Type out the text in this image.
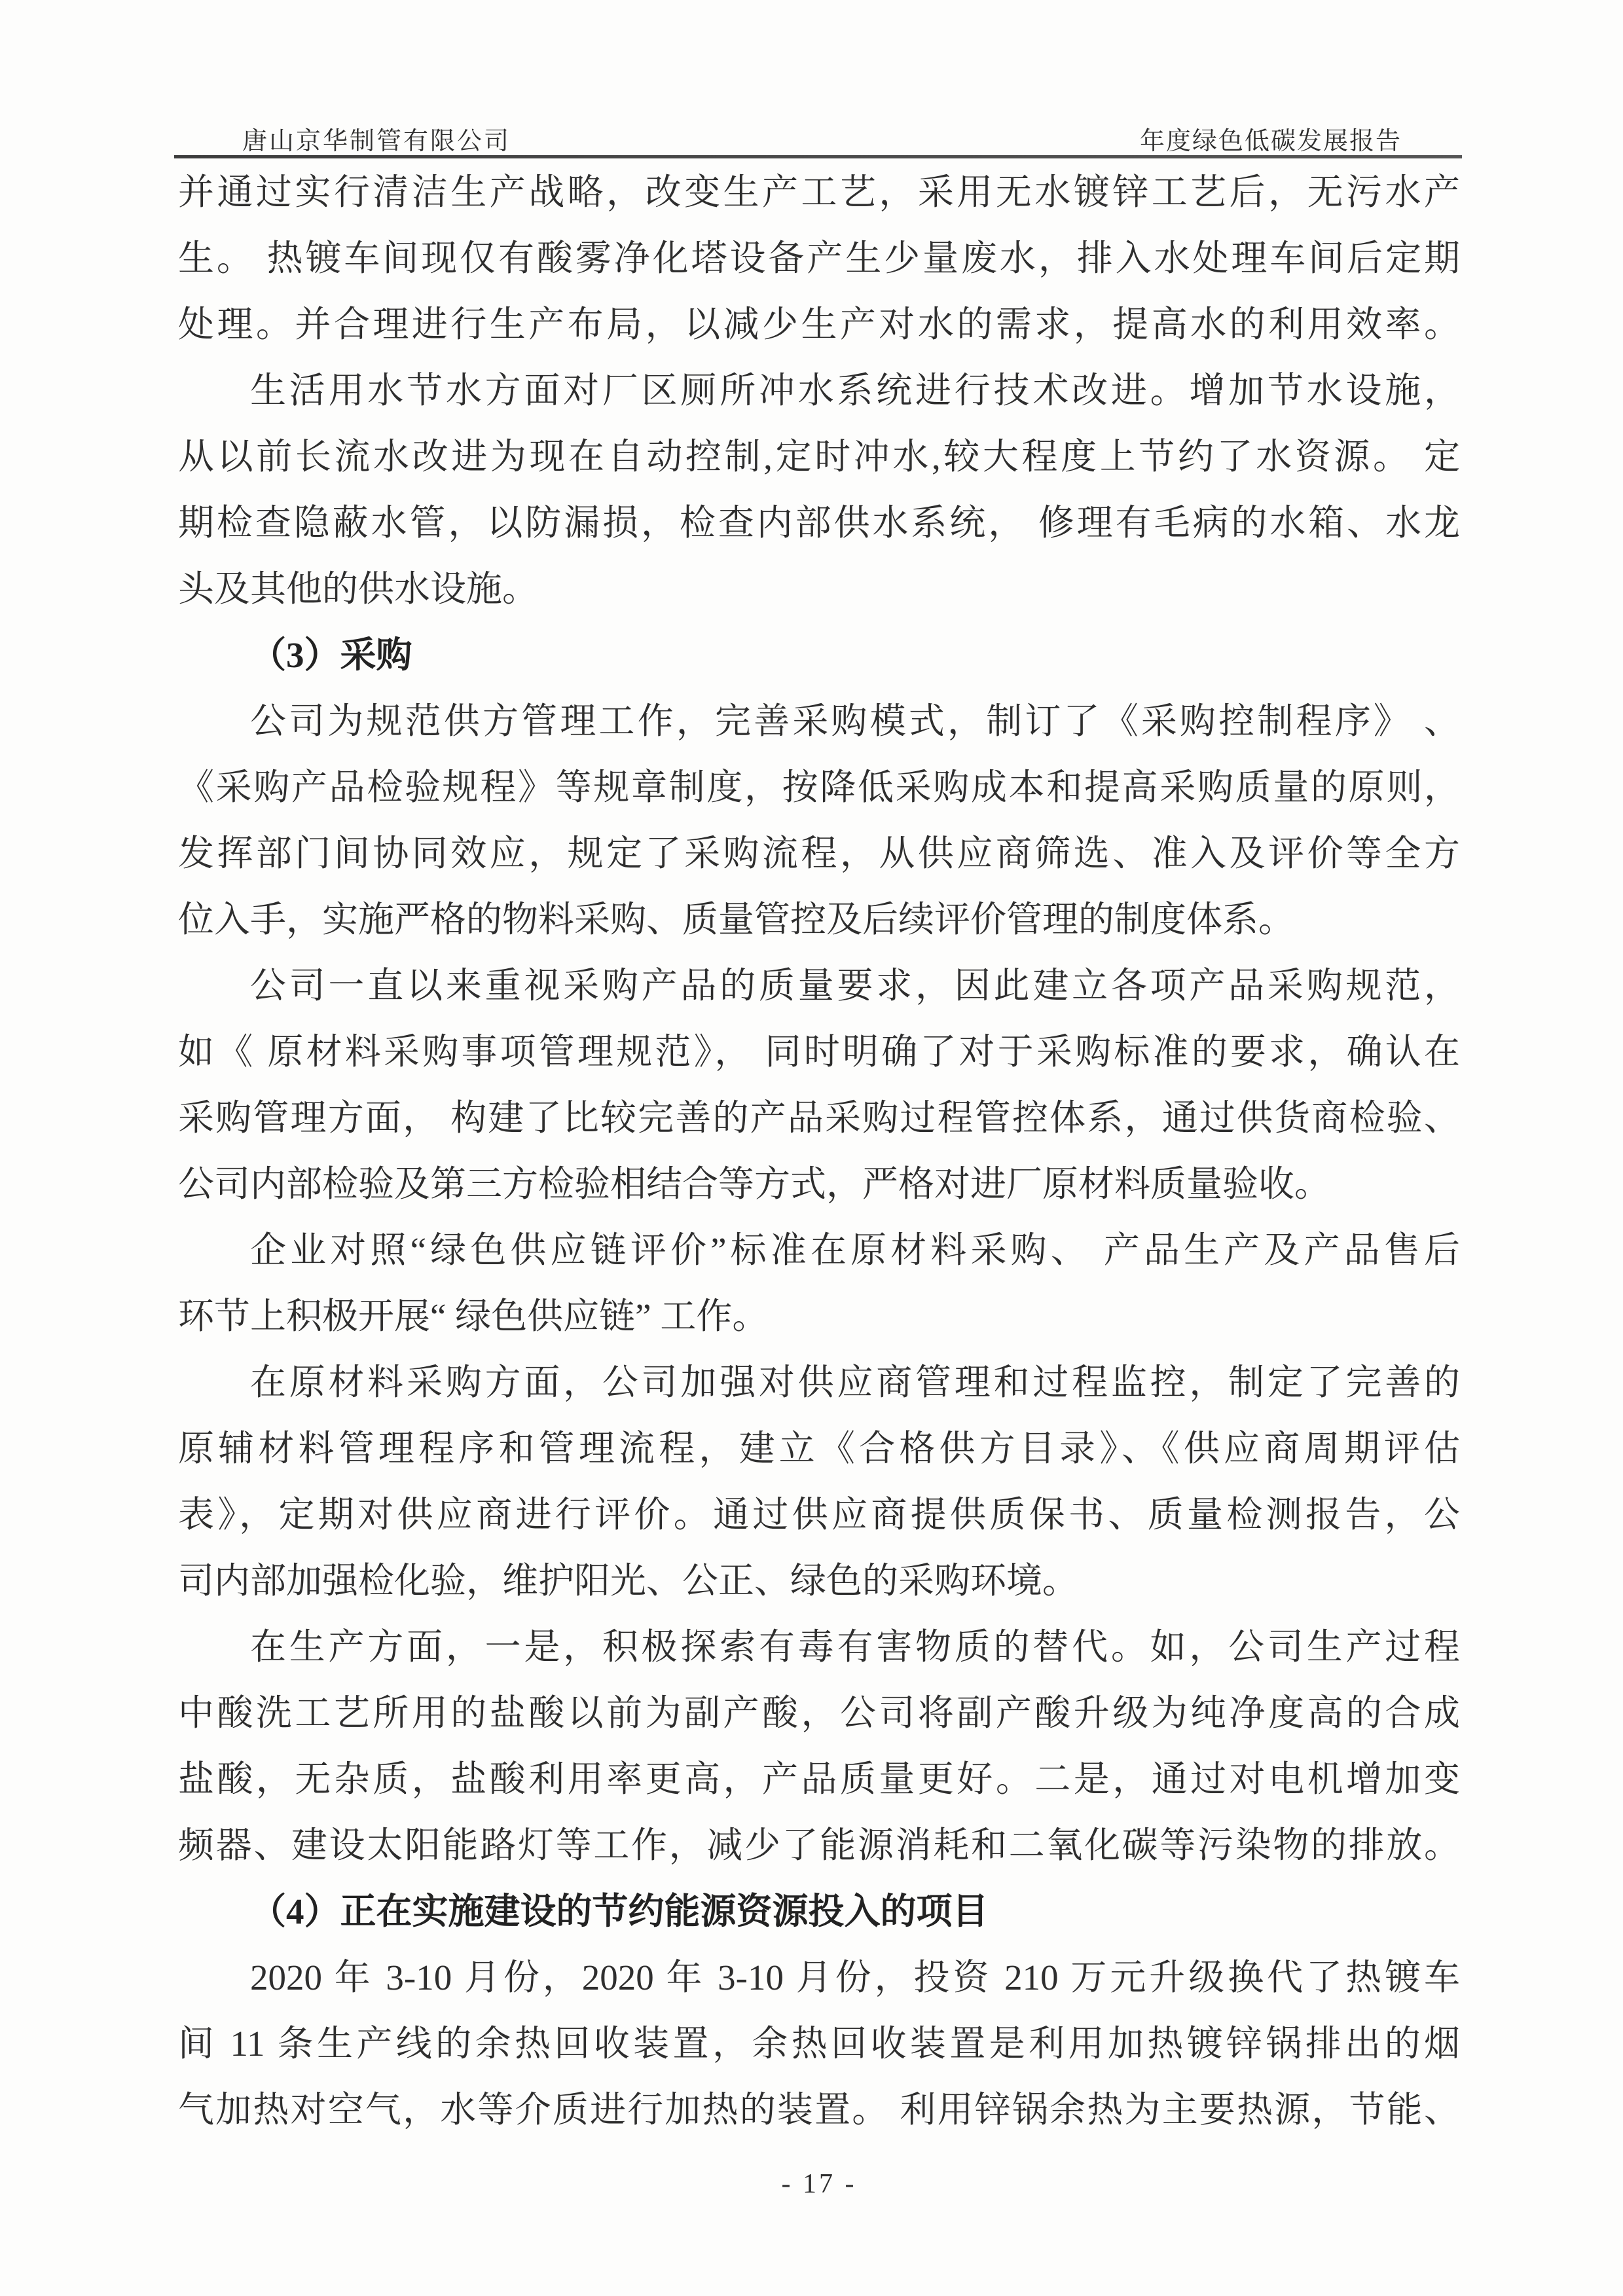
唐山京华制管有限公司	年度绿色低碳发展报告
并通过实行清洁生产战略，改变生产工艺，采用无水镀锌工艺后，无污水产
生。 热镀车间现仅有酸雾净化塔设备产生少量废水，排入水处理车间后定期
处理。并合理进行生产布局，以减少生产对水的需求，提高水的利用效率。
生活用水节水方面对厂区厕所冲水系统进行技术改进。增加节水设施，
从以前长流水改进为现在自动控制,定时冲水,较大程度上节约了水资源。 定
期检查隐蔽水管，以防漏损，检查内部供水系统， 修理有毛病的水箱、水龙
头及其他的供水设施。
（3）采购
公司为规范供方管理工作，完善采购模式，制订了《采购控制程序》 、
《采购产品检验规程》等规章制度，按降低采购成本和提高采购质量的原则，
发挥部门间协同效应，规定了采购流程，从供应商筛选、准入及评价等全方
位入手，实施严格的物料采购、质量管控及后续评价管理的制度体系。
公司一直以来重视采购产品的质量要求，因此建立各项产品采购规范，
如《 原材料采购事项管理规范》， 同时明确了对于采购标准的要求，确认在
采购管理方面， 构建了比较完善的产品采购过程管控体系，通过供货商检验、
公司内部检验及第三方检验相结合等方式，严格对进厂原材料质量验收。
企业对照“绿色供应链评价”标准在原材料采购、 产品生产及产品售后
环节上积极开展“ 绿色供应链” 工作。
在原材料采购方面，公司加强对供应商管理和过程监控，制定了完善的
原辅材料管理程序和管理流程，建立《合格供方目录》、《供应商周期评估
表》，定期对供应商进行评价。通过供应商提供质保书、质量检测报告，公
司内部加强检化验，维护阳光、公正、绿色的采购环境。
在生产方面，一是，积极探索有毒有害物质的替代。如，公司生产过程
中酸洗工艺所用的盐酸以前为副产酸，公司将副产酸升级为纯净度高的合成
盐酸，无杂质，盐酸利用率更高，产品质量更好。二是，通过对电机增加变
频器、建设太阳能路灯等工作，减少了能源消耗和二氧化碳等污染物的排放。
（4）正在实施建设的节约能源资源投入的项目
2020 年 3-10 月份，2020 年 3-10 月份，投资 210 万元升级换代了热镀车
间 11 条生产线的余热回收装置，余热回收装置是利用加热镀锌锅排出的烟
气加热对空气，水等介质进行加热的装置。 利用锌锅余热为主要热源，节能、
- 17 -
